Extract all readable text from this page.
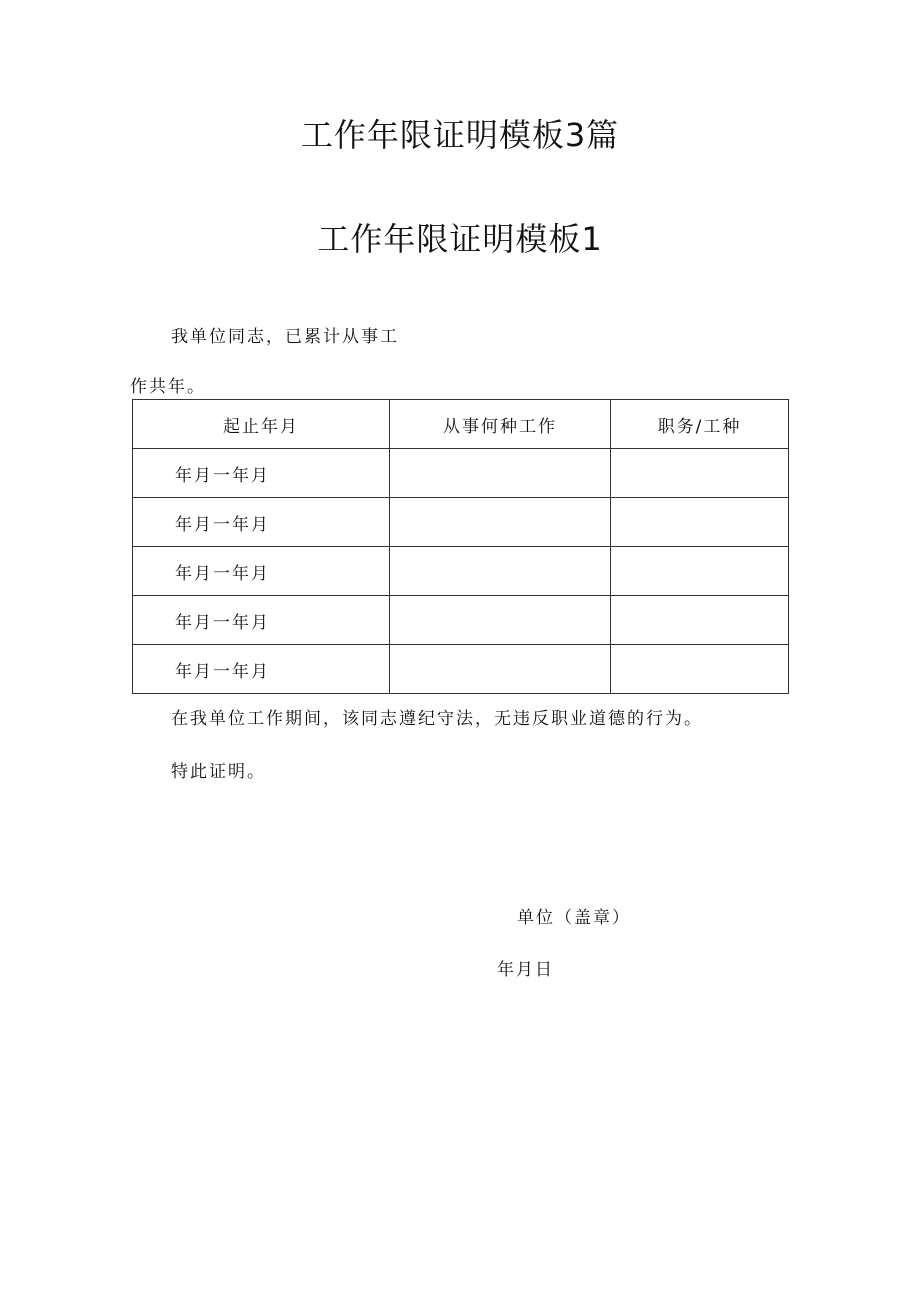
工作年限证明模板3篇
工作年限证明模板1

我单位同志，已累计从事工

作共年。

起止年月	从事何种工作	职务/工种
年月一年月		
年月一年月		
年月一年月		
年月一年月		
年月一年月		

在我单位工作期间，该同志遵纪守法，无违反职业道德的行为。

特此证明。

单位（盖章）

年月日
